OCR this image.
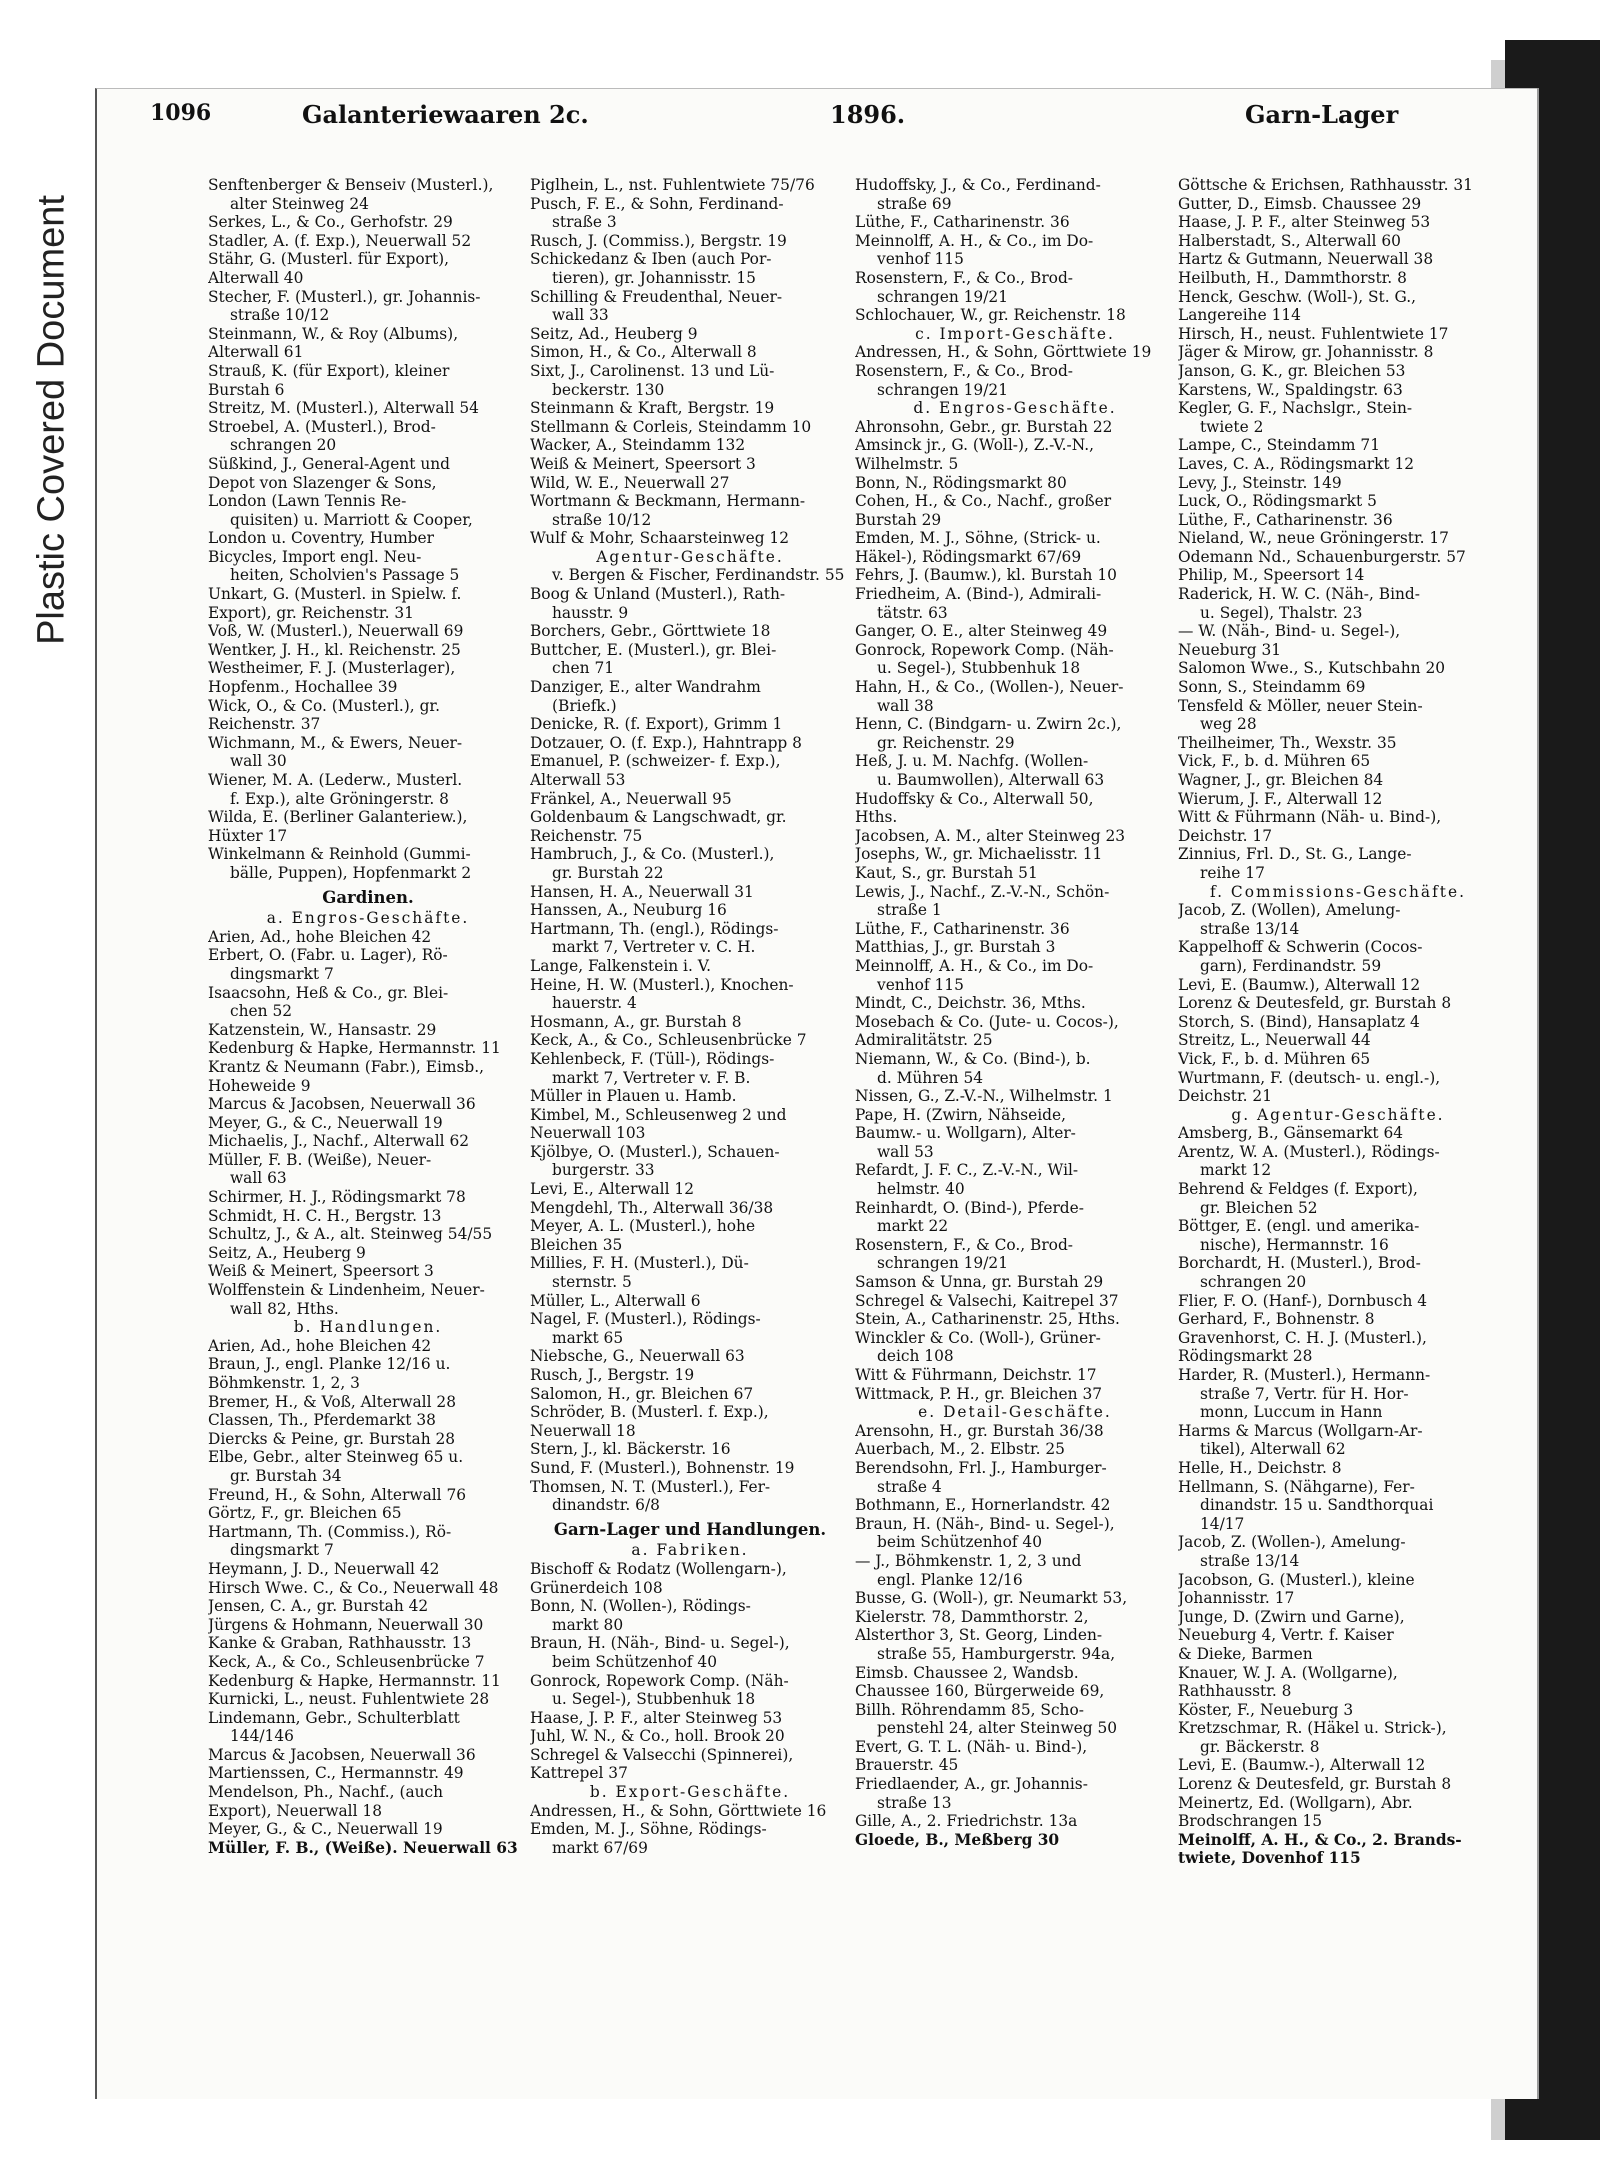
Plastic Covered Document
1096	Galanteriewaaren 2c.	1896.	Garn-Lager
Senftenberger & Benseiv (Musterl.),
alter Steinweg 24
Serkes, L., & Co., Gerhofstr. 29
Stadler, A. (f. Exp.), Neuerwall 52
Stähr, G. (Musterl. für Export),
Alterwall 40
Stecher, F. (Musterl.), gr. Johannis-
straße 10/12
Steinmann, W., & Roy (Albums),
Alterwall 61
Strauß, K. (für Export), kleiner
Burstah 6
Streitz, M. (Musterl.), Alterwall 54
Stroebel, A. (Musterl.), Brod-
schrangen 20
Süßkind, J., General-Agent und
Depot von Slazenger & Sons,
London (Lawn Tennis Re-
quisiten) u. Marriott & Cooper,
London u. Coventry, Humber
Bicycles, Import engl. Neu-
heiten, Scholvien's Passage 5
Unkart, G. (Musterl. in Spielw. f.
Export), gr. Reichenstr. 31
Voß, W. (Musterl.), Neuerwall 69
Wentker, J. H., kl. Reichenstr. 25
Westheimer, F. J. (Musterlager),
Hopfenm., Hochallee 39
Wick, O., & Co. (Musterl.), gr.
Reichenstr. 37
Wichmann, M., & Ewers, Neuer-
wall 30
Wiener, M. A. (Lederw., Musterl.
f. Exp.), alte Gröningerstr. 8
Wilda, E. (Berliner Galanteriew.),
Hüxter 17
Winkelmann & Reinhold (Gummi-
bälle, Puppen), Hopfenmarkt 2
Gardinen.
a. Engros-Geschäfte.
Arien, Ad., hohe Bleichen 42
Erbert, O. (Fabr. u. Lager), Rö-
dingsmarkt 7
Isaacsohn, Heß & Co., gr. Blei-
chen 52
Katzenstein, W., Hansastr. 29
Kedenburg & Hapke, Hermannstr. 11
Krantz & Neumann (Fabr.), Eimsb.,
Hoheweide 9
Marcus & Jacobsen, Neuerwall 36
Meyer, G., & C., Neuerwall 19
Michaelis, J., Nachf., Alterwall 62
Müller, F. B. (Weiße), Neuer-
wall 63
Schirmer, H. J., Rödingsmarkt 78
Schmidt, H. C. H., Bergstr. 13
Schultz, J., & A., alt. Steinweg 54/55
Seitz, A., Heuberg 9
Weiß & Meinert, Speersort 3
Wolffenstein & Lindenheim, Neuer-
wall 82, Hths.
b. Handlungen.
Arien, Ad., hohe Bleichen 42
Braun, J., engl. Planke 12/16 u.
Böhmkenstr. 1, 2, 3
Bremer, H., & Voß, Alterwall 28
Classen, Th., Pferdemarkt 38
Diercks & Peine, gr. Burstah 28
Elbe, Gebr., alter Steinweg 65 u.
gr. Burstah 34
Freund, H., & Sohn, Alterwall 76
Görtz, F., gr. Bleichen 65
Hartmann, Th. (Commiss.), Rö-
dingsmarkt 7
Heymann, J. D., Neuerwall 42
Hirsch Wwe. C., & Co., Neuerwall 48
Jensen, C. A., gr. Burstah 42
Jürgens & Hohmann, Neuerwall 30
Kanke & Graban, Rathhausstr. 13
Keck, A., & Co., Schleusenbrücke 7
Kedenburg & Hapke, Hermannstr. 11
Kurnicki, L., neust. Fuhlentwiete 28
Lindemann, Gebr., Schulterblatt
144/146
Marcus & Jacobsen, Neuerwall 36
Martienssen, C., Hermannstr. 49
Mendelson, Ph., Nachf., (auch
Export), Neuerwall 18
Meyer, G., & C., Neuerwall 19
Müller, F. B., (Weiße). Neuerwall 63
Piglhein, L., nst. Fuhlentwiete 75/76
Pusch, F. E., & Sohn, Ferdinand-
straße 3
Rusch, J. (Commiss.), Bergstr. 19
Schickedanz & Iben (auch Por-
tieren), gr. Johannisstr. 15
Schilling & Freudenthal, Neuer-
wall 33
Seitz, Ad., Heuberg 9
Simon, H., & Co., Alterwall 8
Sixt, J., Carolinenst. 13 und Lü-
beckerstr. 130
Steinmann & Kraft, Bergstr. 19
Stellmann & Corleis, Steindamm 10
Wacker, A., Steindamm 132
Weiß & Meinert, Speersort 3
Wild, W. E., Neuerwall 27
Wortmann & Beckmann, Hermann-
straße 10/12
Wulf & Mohr, Schaarsteinweg 12
Agentur-Geschäfte.
v. Bergen & Fischer, Ferdinandstr. 55
Boog & Unland (Musterl.), Rath-
hausstr. 9
Borchers, Gebr., Görttwiete 18
Buttcher, E. (Musterl.), gr. Blei-
chen 71
Danziger, E., alter Wandrahm
(Briefk.)
Denicke, R. (f. Export), Grimm 1
Dotzauer, O. (f. Exp.), Hahntrapp 8
Emanuel, P. (schweizer- f. Exp.),
Alterwall 53
Fränkel, A., Neuerwall 95
Goldenbaum & Langschwadt, gr.
Reichenstr. 75
Hambruch, J., & Co. (Musterl.),
gr. Burstah 22
Hansen, H. A., Neuerwall 31
Hanssen, A., Neuburg 16
Hartmann, Th. (engl.), Rödings-
markt 7, Vertreter v. C. H.
Lange, Falkenstein i. V.
Heine, H. W. (Musterl.), Knochen-
hauerstr. 4
Hosmann, A., gr. Burstah 8
Keck, A., & Co., Schleusenbrücke 7
Kehlenbeck, F. (Tüll-), Rödings-
markt 7, Vertreter v. F. B.
Müller in Plauen u. Hamb.
Kimbel, M., Schleusenweg 2 und
Neuerwall 103
Kjölbye, O. (Musterl.), Schauen-
burgerstr. 33
Levi, E., Alterwall 12
Mengdehl, Th., Alterwall 36/38
Meyer, A. L. (Musterl.), hohe
Bleichen 35
Millies, F. H. (Musterl.), Dü-
sternstr. 5
Müller, L., Alterwall 6
Nagel, F. (Musterl.), Rödings-
markt 65
Niebsche, G., Neuerwall 63
Rusch, J., Bergstr. 19
Salomon, H., gr. Bleichen 67
Schröder, B. (Musterl. f. Exp.),
Neuerwall 18
Stern, J., kl. Bäckerstr. 16
Sund, F. (Musterl.), Bohnenstr. 19
Thomsen, N. T. (Musterl.), Fer-
dinandstr. 6/8
Garn-Lager und Handlungen.
a. Fabriken.
Bischoff & Rodatz (Wollengarn-),
Grünerdeich 108
Bonn, N. (Wollen-), Rödings-
markt 80
Braun, H. (Näh-, Bind- u. Segel-),
beim Schützenhof 40
Gonrock, Ropework Comp. (Näh-
u. Segel-), Stubbenhuk 18
Haase, J. P. F., alter Steinweg 53
Juhl, W. N., & Co., holl. Brook 20
Schregel & Valsecchi (Spinnerei),
Kattrepel 37
b. Export-Geschäfte.
Andressen, H., & Sohn, Görttwiete 16
Emden, M. J., Söhne, Rödings-
markt 67/69
Hudoffsky, J., & Co., Ferdinand-
straße 69
Lüthe, F., Catharinenstr. 36
Meinnolff, A. H., & Co., im Do-
venhof 115
Rosenstern, F., & Co., Brod-
schrangen 19/21
Schlochauer, W., gr. Reichenstr. 18
c. Import-Geschäfte.
Andressen, H., & Sohn, Görttwiete 19
Rosenstern, F., & Co., Brod-
schrangen 19/21
d. Engros-Geschäfte.
Ahronsohn, Gebr., gr. Burstah 22
Amsinck jr., G. (Woll-), Z.-V.-N.,
Wilhelmstr. 5
Bonn, N., Rödingsmarkt 80
Cohen, H., & Co., Nachf., großer
Burstah 29
Emden, M. J., Söhne, (Strick- u.
Häkel-), Rödingsmarkt 67/69
Fehrs, J. (Baumw.), kl. Burstah 10
Friedheim, A. (Bind-), Admirali-
tätstr. 63
Ganger, O. E., alter Steinweg 49
Gonrock, Ropework Comp. (Näh-
u. Segel-), Stubbenhuk 18
Hahn, H., & Co., (Wollen-), Neuer-
wall 38
Henn, C. (Bindgarn- u. Zwirn 2c.),
gr. Reichenstr. 29
Heß, J. u. M. Nachfg. (Wollen-
u. Baumwollen), Alterwall 63
Hudoffsky & Co., Alterwall 50,
Hths.
Jacobsen, A. M., alter Steinweg 23
Josephs, W., gr. Michaelisstr. 11
Kaut, S., gr. Burstah 51
Lewis, J., Nachf., Z.-V.-N., Schön-
straße 1
Lüthe, F., Catharinenstr. 36
Matthias, J., gr. Burstah 3
Meinnolff, A. H., & Co., im Do-
venhof 115
Mindt, C., Deichstr. 36, Mths.
Mosebach & Co. (Jute- u. Cocos-),
Admiralitätstr. 25
Niemann, W., & Co. (Bind-), b.
d. Mühren 54
Nissen, G., Z.-V.-N., Wilhelmstr. 1
Pape, H. (Zwirn, Nähseide,
Baumw.- u. Wollgarn), Alter-
wall 53
Refardt, J. F. C., Z.-V.-N., Wil-
helmstr. 40
Reinhardt, O. (Bind-), Pferde-
markt 22
Rosenstern, F., & Co., Brod-
schrangen 19/21
Samson & Unna, gr. Burstah 29
Schregel & Valsechi, Kaitrepel 37
Stein, A., Catharinenstr. 25, Hths.
Winckler & Co. (Woll-), Grüner-
deich 108
Witt & Führmann, Deichstr. 17
Wittmack, P. H., gr. Bleichen 37
e. Detail-Geschäfte.
Arensohn, H., gr. Burstah 36/38
Auerbach, M., 2. Elbstr. 25
Berendsohn, Frl. J., Hamburger-
straße 4
Bothmann, E., Hornerlandstr. 42
Braun, H. (Näh-, Bind- u. Segel-),
beim Schützenhof 40
— J., Böhmkenstr. 1, 2, 3 und
engl. Planke 12/16
Busse, G. (Woll-), gr. Neumarkt 53,
Kielerstr. 78, Dammthorstr. 2,
Alsterthor 3, St. Georg, Linden-
straße 55, Hamburgerstr. 94a,
Eimsb. Chaussee 2, Wandsb.
Chaussee 160, Bürgerweide 69,
Billh. Röhrendamm 85, Scho-
penstehl 24, alter Steinweg 50
Evert, G. T. L. (Näh- u. Bind-),
Brauerstr. 45
Friedlaender, A., gr. Johannis-
straße 13
Gille, A., 2. Friedrichstr. 13a
Gloede, B., Meßberg 30
Göttsche & Erichsen, Rathhausstr. 31
Gutter, D., Eimsb. Chaussee 29
Haase, J. P. F., alter Steinweg 53
Halberstadt, S., Alterwall 60
Hartz & Gutmann, Neuerwall 38
Heilbuth, H., Dammthorstr. 8
Henck, Geschw. (Woll-), St. G.,
Langereihe 114
Hirsch, H., neust. Fuhlentwiete 17
Jäger & Mirow, gr. Johannisstr. 8
Janson, G. K., gr. Bleichen 53
Karstens, W., Spaldingstr. 63
Kegler, G. F., Nachslgr., Stein-
twiete 2
Lampe, C., Steindamm 71
Laves, C. A., Rödingsmarkt 12
Levy, J., Steinstr. 149
Luck, O., Rödingsmarkt 5
Lüthe, F., Catharinenstr. 36
Nieland, W., neue Gröningerstr. 17
Odemann Nd., Schauenburgerstr. 57
Philip, M., Speersort 14
Raderick, H. W. C. (Näh-, Bind-
u. Segel), Thalstr. 23
— W. (Näh-, Bind- u. Segel-),
Neueburg 31
Salomon Wwe., S., Kutschbahn 20
Sonn, S., Steindamm 69
Tensfeld & Möller, neuer Stein-
weg 28
Theilheimer, Th., Wexstr. 35
Vick, F., b. d. Mühren 65
Wagner, J., gr. Bleichen 84
Wierum, J. F., Alterwall 12
Witt & Führmann (Näh- u. Bind-),
Deichstr. 17
Zinnius, Frl. D., St. G., Lange-
reihe 17
f. Commissions-Geschäfte.
Jacob, Z. (Wollen), Amelung-
straße 13/14
Kappelhoff & Schwerin (Cocos-
garn), Ferdinandstr. 59
Levi, E. (Baumw.), Alterwall 12
Lorenz & Deutesfeld, gr. Burstah 8
Storch, S. (Bind), Hansaplatz 4
Streitz, L., Neuerwall 44
Vick, F., b. d. Mühren 65
Wurtmann, F. (deutsch- u. engl.-),
Deichstr. 21
g. Agentur-Geschäfte.
Amsberg, B., Gänsemarkt 64
Arentz, W. A. (Musterl.), Rödings-
markt 12
Behrend & Feldges (f. Export),
gr. Bleichen 52
Böttger, E. (engl. und amerika-
nische), Hermannstr. 16
Borchardt, H. (Musterl.), Brod-
schrangen 20
Flier, F. O. (Hanf-), Dornbusch 4
Gerhard, F., Bohnenstr. 8
Gravenhorst, C. H. J. (Musterl.),
Rödingsmarkt 28
Harder, R. (Musterl.), Hermann-
straße 7, Vertr. für H. Hor-
monn, Luccum in Hann
Harms & Marcus (Wollgarn-Ar-
tikel), Alterwall 62
Helle, H., Deichstr. 8
Hellmann, S. (Nähgarne), Fer-
dinandstr. 15 u. Sandthorquai
14/17
Jacob, Z. (Wollen-), Amelung-
straße 13/14
Jacobson, G. (Musterl.), kleine
Johannisstr. 17
Junge, D. (Zwirn und Garne),
Neueburg 4, Vertr. f. Kaiser
& Dieke, Barmen
Knauer, W. J. A. (Wollgarne),
Rathhausstr. 8
Köster, F., Neueburg 3
Kretzschmar, R. (Häkel u. Strick-),
gr. Bäckerstr. 8
Levi, E. (Baumw.-), Alterwall 12
Lorenz & Deutesfeld, gr. Burstah 8
Meinertz, Ed. (Wollgarn), Abr.
Brodschrangen 15
Meinolff, A. H., & Co., 2. Brands-
twiete, Dovenhof 115
